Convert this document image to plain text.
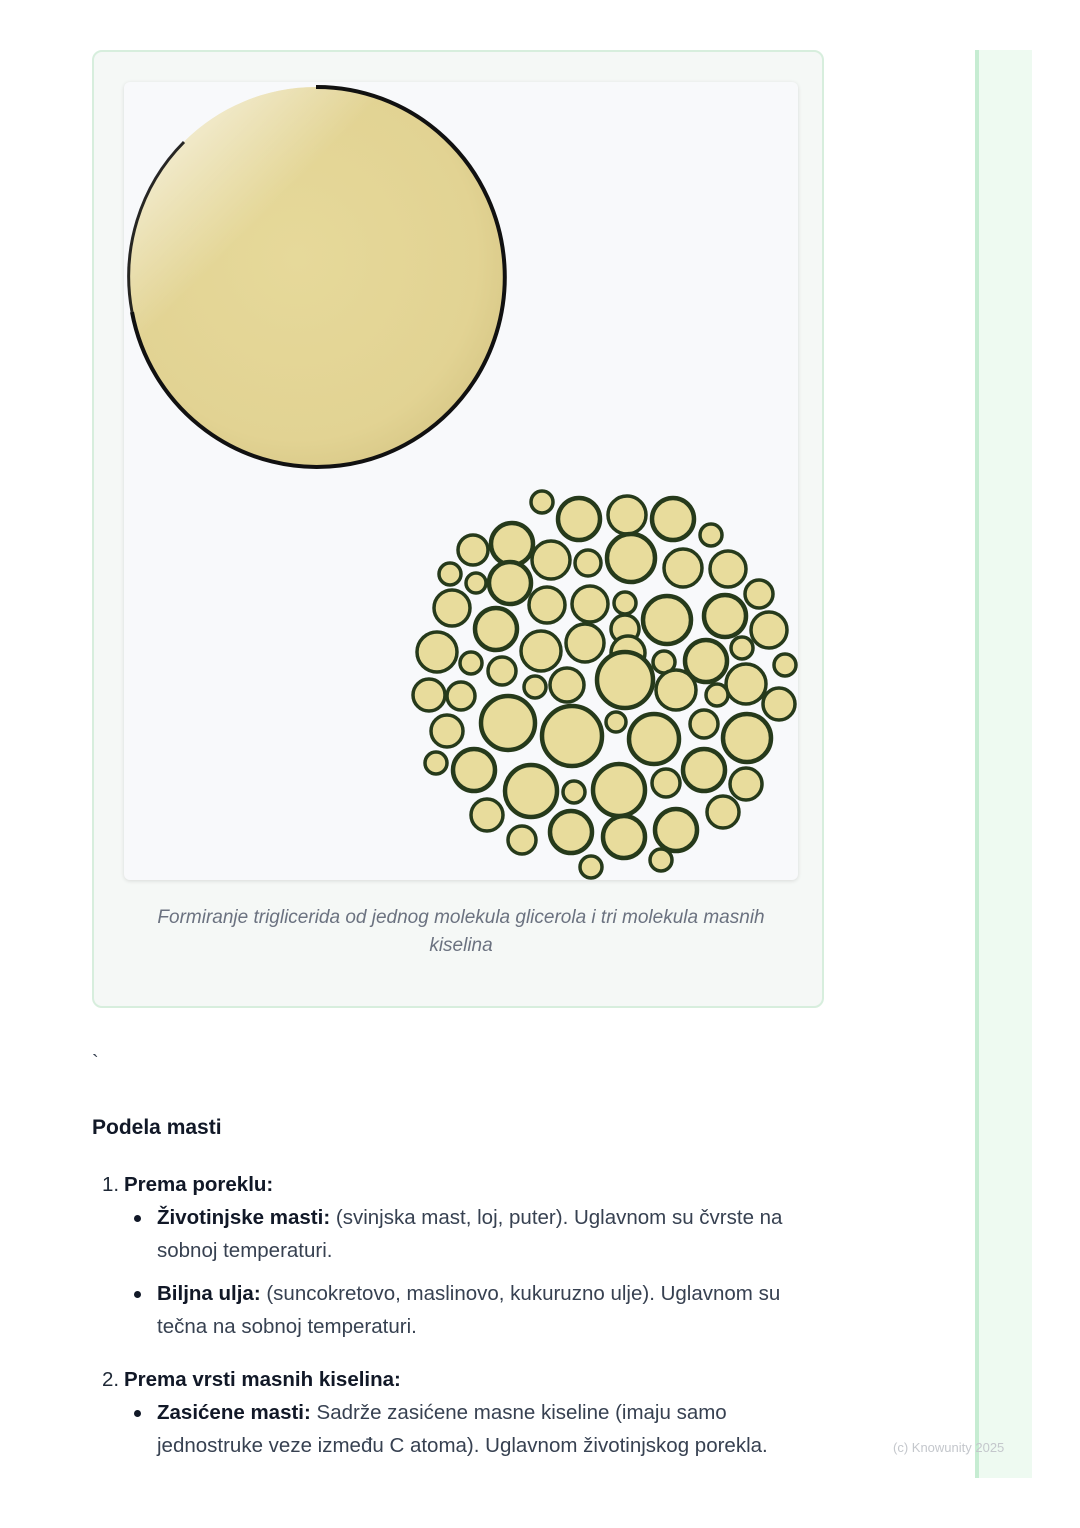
Formiranje triglicerida od jednog molekula glicerola i tri molekula masnih kiselina
`
Podela masti
1. Prema poreklu:
Životinjske masti: (svinjska mast, loj, puter). Uglavnom su čvrste na sobnoj temperaturi.
Biljna ulja: (suncokretovo, maslinovo, kukuruzno ulje). Uglavnom su tečna na sobnoj temperaturi.
2. Prema vrsti masnih kiselina:
Zasićene masti: Sadrže zasićene masne kiseline (imaju samo jednostruke veze između C atoma). Uglavnom životinjskog porekla.	(c) Knowunity 2025
